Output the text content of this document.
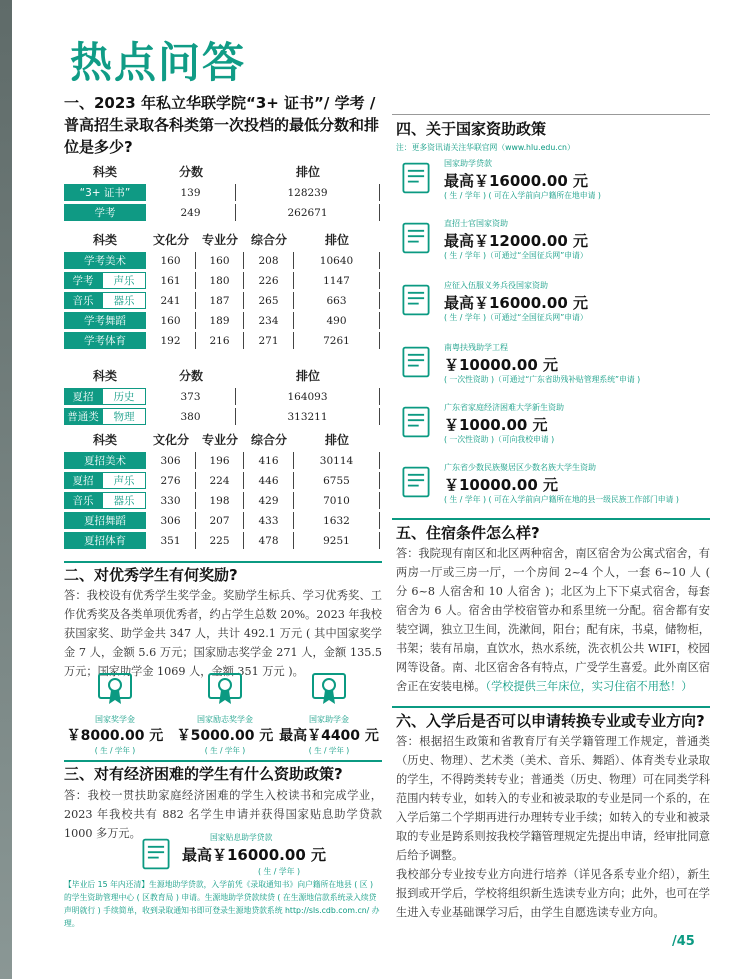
热点问答
一、2023 年私立华联学院“3+ 证书”/ 学考 /
普高招生录取各科类第一次投档的最低分数和排
位是多少?
科类	分数	排位
“3+ 证书”	139	128239
学考	249	262671
科类		文化分	专业分	综合分	排位
学考美术		160	160	208	10640
学考	声乐	161	180	226	1147
音乐	器乐	241	187	265	663
学考舞蹈		160	189	234	490
学考体育		192	216	271	7261
科类		分数	排位
夏招	历史	373	164093
普通类	物理	380	313211
科类		文化分	专业分	综合分	排位
夏招美术		306	196	416	30114
夏招	声乐	276	224	446	6755
音乐	器乐	330	198	429	7010
夏招舞蹈		306	207	433	1632
夏招体育		351	225	478	9251
二、对优秀学生有何奖励?
答：我校设有优秀学生奖学金。奖励学生标兵、学习优秀奖、工作优秀奖及各类单项优秀者，约占学生总数 20%。2023 年我校获国家奖、助学金共 347 人，共计 492.1 万元 ( 其中国家奖学金 7 人，金额 5.6 万元；国家励志奖学金 271 人，金额 135.5 万元；国家助学金 1069 人，金额 351 万元 )。
国家奖学金
￥8000.00 元
( 生 / 学年 )
国家励志奖学金
￥5000.00 元
( 生 / 学年 )
国家助学金
最高￥4400 元
( 生 / 学年 )
三、对有经济困难的学生有什么资助政策?
答：我校一贯扶助家庭经济困难的学生入校读书和完成学业，2023 年我校共有 882 名学生申请并获得国家贴息助学贷款 1000 多万元。	国家贴息助学贷款
最高￥16000.00 元
( 生 / 学年 )
【毕业后 15 年内还清】生源地助学贷款，入学前凭《录取通知书》向户籍所在地县 ( 区 ) 的学生资助管理中心 ( 区教育局 ) 申请。生源地助学贷款续贷 ( 在生源地信款系统录入续贷声明就行 ) 手续简单，收到录取通知书即可登录生源地贷款系统 http://sls.cdb.com.cn/ 办理。
四、关于国家资助政策
注：更多资讯请关注华联官网（www.hlu.edu.cn）
国家助学贷款
最高￥16000.00 元
( 生 / 学年 ) ( 可在入学前向户籍所在地申请 )
直招士官国家资助
最高￥12000.00 元
( 生 / 学年 )（可通过“全国征兵网”申请）
应征入伍服义务兵役国家资助
最高￥16000.00 元
( 生 / 学年 )（可通过“全国征兵网”申请）
南粤扶残助学工程
￥10000.00 元
( 一次性资助 )（可通过“广东省助残补贴管理系统”申请 )
广东省家庭经济困难大学新生资助
￥1000.00 元
( 一次性资助 )（可向我校申请 )
广东省少数民族聚居区少数名族大学生资助
￥10000.00 元
( 生 / 学年 ) ( 可在入学前向户籍所在地的县一级民族工作部门申请 )
五、住宿条件怎么样?
答：我院现有南区和北区两种宿舍，南区宿舍为公寓式宿舍，有两房一厅或三房一厅，一个房间 2~4 个人，一套 6~10 人 ( 分 6~8 人宿舍和 10 人宿舍 )；北区为上下下桌式宿舍，每套宿舍为 6 人。宿舍由学校宿管办和系里统一分配。宿舍都有安装空调，独立卫生间，洗漱间，阳台；配有床，书桌，储物柜，书架；装有吊扇，直饮水，热水系统，洗衣机公共 WIFI，校园网等设备。南、北区宿舍各有特点，广受学生喜爱。此外南区宿舍正在安装电梯。（学校提供三年床位，实习住宿不用愁！）
六、入学后是否可以申请转换专业或专业方向?
答：根据招生政策和省教育厅有关学籍管理工作规定，普通类（历史、物理）、艺术类（美术、音乐、舞蹈）、体育类专业录取的学生，不得跨类转专业；普通类（历史、物理）可在同类学科范围内转专业，如转入的专业和被录取的专业是同一个系的，在入学后第二个学期再进行办理转专业手续；如转入的专业和被录取的专业是跨系则按我校学籍管理规定先提出申请，经审批同意后给予调整。
我校部分专业按专业方向进行培养（详见各系专业介绍），新生报到或开学后，学校将组织新生选读专业方向；此外，也可在学生进入专业基础课学习后，由学生自愿选读专业方向。
/45
